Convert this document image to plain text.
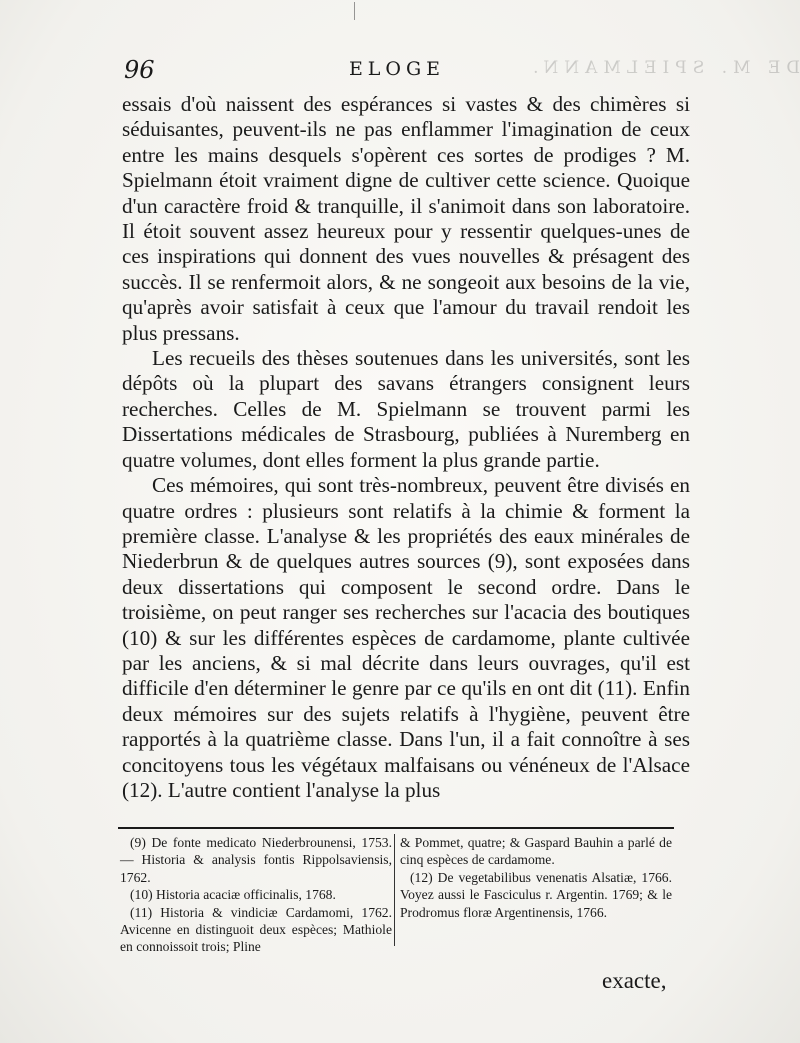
DE M. SPIELMANN.
96	ELOGE

essais d'où naissent des espérances si vastes & des chimères si séduisantes, peuvent-ils ne pas enflammer l'imagination de ceux entre les mains desquels s'opèrent ces sortes de prodiges ? M. Spielmann étoit vraiment digne de cultiver cette science. Quoique d'un caractère froid & tranquille, il s'animoit dans son laboratoire. Il étoit souvent assez heureux pour y ressentir quelques-unes de ces inspirations qui donnent des vues nouvelles & présagent des succès. Il se renfermoit alors, & ne songeoit aux besoins de la vie, qu'après avoir satisfait à ceux que l'amour du travail rendoit les plus pressans.

Les recueils des thèses soutenues dans les universités, sont les dépôts où la plupart des savans étrangers consignent leurs recherches. Celles de M. Spielmann se trouvent parmi les Dissertations médicales de Strasbourg, publiées à Nuremberg en quatre volumes, dont elles forment la plus grande partie.

Ces mémoires, qui sont très-nombreux, peuvent être divisés en quatre ordres : plusieurs sont relatifs à la chimie & forment la première classe. L'analyse & les propriétés des eaux minérales de Niederbrun & de quelques autres sources (9), sont exposées dans deux dissertations qui composent le second ordre. Dans le troisième, on peut ranger ses recherches sur l'acacia des boutiques (10) & sur les différentes espèces de cardamome, plante cultivée par les anciens, & si mal décrite dans leurs ouvrages, qu'il est difficile d'en déterminer le genre par ce qu'ils en ont dit (11). Enfin deux mémoires sur des sujets relatifs à l'hygiène, peuvent être rapportés à la quatrième classe. Dans l'un, il a fait connoître à ses concitoyens tous les végétaux malfaisans ou vénéneux de l'Alsace (12). L'autre contient l'analyse la plus

(9) De fonte medicato Niederbrounensi, 1753. — Historia & analysis fontis Rippolsaviensis, 1762.

(10) Historia acaciæ officinalis, 1768.

(11) Historia & vindiciæ Cardamomi, 1762. Avicenne en distinguoit deux espèces; Mathiole en connoissoit trois; Pline

& Pommet, quatre; & Gaspard Bauhin a parlé de cinq espèces de cardamome.

(12) De vegetabilibus venenatis Alsatiæ, 1766. Voyez aussi le Fasciculus r. Argentin. 1769; & le Prodromus floræ Argentinensis, 1766.

exacte,
